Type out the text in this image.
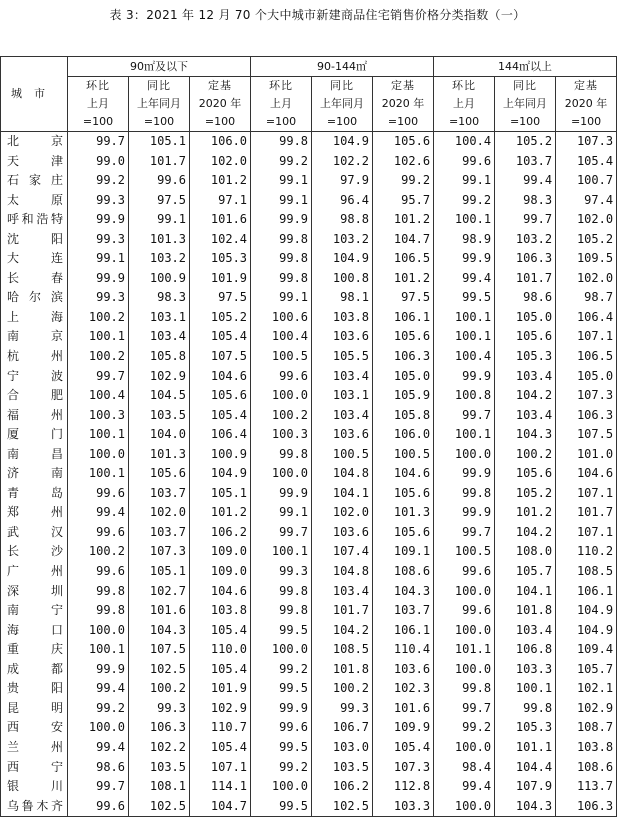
表 3：2021 年 12 月 70 个大中城市新建商品住宅销售价格分类指数（一）
城市	90㎡及以下			90-144㎡			144㎡以上		
	环比	同比	定基	环比	同比	定基	环比	同比	定基
	上月	上年同月	2020 年	上月	上年同月	2020 年	上月	上年同月	2020 年
	=100	=100	=100	=100	=100	=100	=100	=100	=100

北 京	99.7	105.1	106.0	99.8	104.9	105.6	100.4	105.2	107.3

天 津	99.0	101.7	102.0	99.2	102.2	102.6	99.6	103.7	105.4

石 家 庄	99.2	99.6	101.2	99.1	97.9	99.2	99.1	99.4	100.7

太 原	99.3	97.5	97.1	99.1	96.4	95.7	99.2	98.3	97.4

呼 和 浩 特	99.9	99.1	101.6	99.9	98.8	101.2	100.1	99.7	102.0

沈 阳	99.3	101.3	102.4	99.8	103.2	104.7	98.9	103.2	105.2

大 连	99.1	103.2	105.3	99.8	104.9	106.5	99.9	106.3	109.5

长 春	99.9	100.9	101.9	99.8	100.8	101.2	99.4	101.7	102.0

哈 尔 滨	99.3	98.3	97.5	99.1	98.1	97.5	99.5	98.6	98.7

上 海	100.2	103.1	105.2	100.6	103.8	106.1	100.1	105.0	106.4

南 京	100.1	103.4	105.4	100.4	103.6	105.6	100.1	105.6	107.1

杭 州	100.2	105.8	107.5	100.5	105.5	106.3	100.4	105.3	106.5

宁 波	99.7	102.9	104.6	99.6	103.4	105.0	99.9	103.4	105.0

合 肥	100.4	104.5	105.6	100.0	103.1	105.9	100.8	104.2	107.3

福 州	100.3	103.5	105.4	100.2	103.4	105.8	99.7	103.4	106.3

厦 门	100.1	104.0	106.4	100.3	103.6	106.0	100.1	104.3	107.5

南 昌	100.0	101.3	100.9	99.8	100.5	100.5	100.0	100.2	101.0

济 南	100.1	105.6	104.9	100.0	104.8	104.6	99.9	105.6	104.6

青 岛	99.6	103.7	105.1	99.9	104.1	105.6	99.8	105.2	107.1

郑 州	99.4	102.0	101.2	99.1	102.0	101.3	99.9	101.2	101.7

武 汉	99.6	103.7	106.2	99.7	103.6	105.6	99.7	104.2	107.1

长 沙	100.2	107.3	109.0	100.1	107.4	109.1	100.5	108.0	110.2

广 州	99.6	105.1	109.0	99.3	104.8	108.6	99.6	105.7	108.5

深 圳	99.8	102.7	104.6	99.8	103.4	104.3	100.0	104.1	106.1

南 宁	99.8	101.6	103.8	99.8	101.7	103.7	99.6	101.8	104.9

海 口	100.0	104.3	105.4	99.5	104.2	106.1	100.0	103.4	104.9

重 庆	100.1	107.5	110.0	100.0	108.5	110.4	101.1	106.8	109.4

成 都	99.9	102.5	105.4	99.2	101.8	103.6	100.0	103.3	105.7

贵 阳	99.4	100.2	101.9	99.5	100.2	102.3	99.8	100.1	102.1

昆 明	99.2	99.3	102.9	99.9	99.3	101.6	99.7	99.8	102.9

西 安	100.0	106.3	110.7	99.6	106.7	109.9	99.2	105.3	108.7

兰 州	99.4	102.2	105.4	99.5	103.0	105.4	100.0	101.1	103.8

西 宁	98.6	103.5	107.1	99.2	103.5	107.3	98.4	104.4	108.6

银 川	99.7	108.1	114.1	100.0	106.2	112.8	99.4	107.9	113.7

乌 鲁 木 齐	99.6	102.5	104.7	99.5	102.5	103.3	100.0	104.3	106.3
